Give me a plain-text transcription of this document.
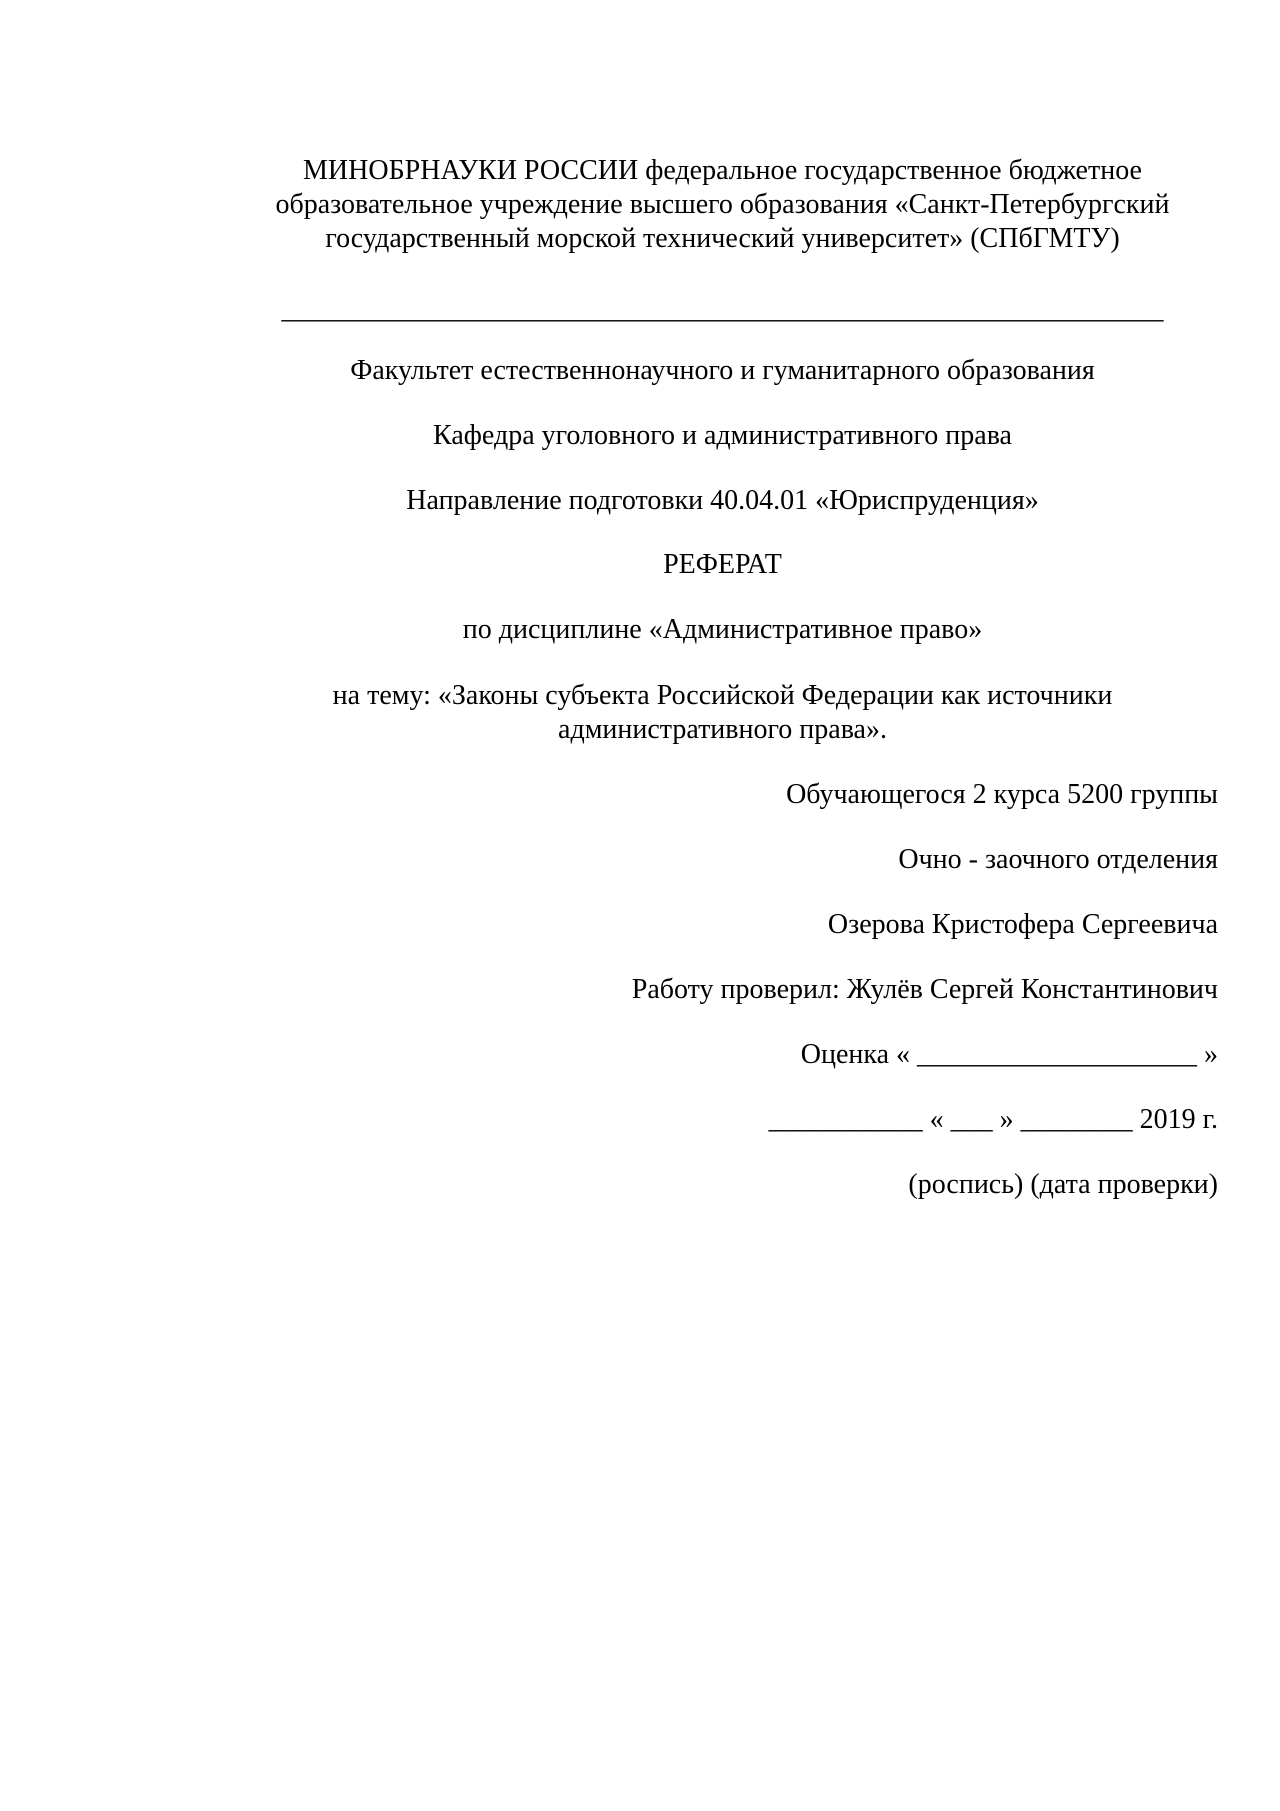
МИНОБРНАУКИ РОССИИ федеральное государственное бюджетное
образовательное учреждение высшего образования «Санкт-Петербургский
государственный морской технический университет» (СПбГМТУ)
_______________________________________________________________
Факультет естественнонаучного и гуманитарного образования
Кафедра уголовного и административного права
Направление подготовки 40.04.01 «Юриспруденция»
РЕФЕРАТ
по дисциплине «Административное право»
на тему: «Законы субъекта Российской Федерации как источники
административного права».
Обучающегося 2 курса 5200 группы
Очно - заочного отделения
Озерова Кристофера Сергеевича
Работу проверил: Жулёв Сергей Константинович
Оценка « ____________________ »
___________ « ___ » ________ 2019 г.
(роспись) (дата проверки)
